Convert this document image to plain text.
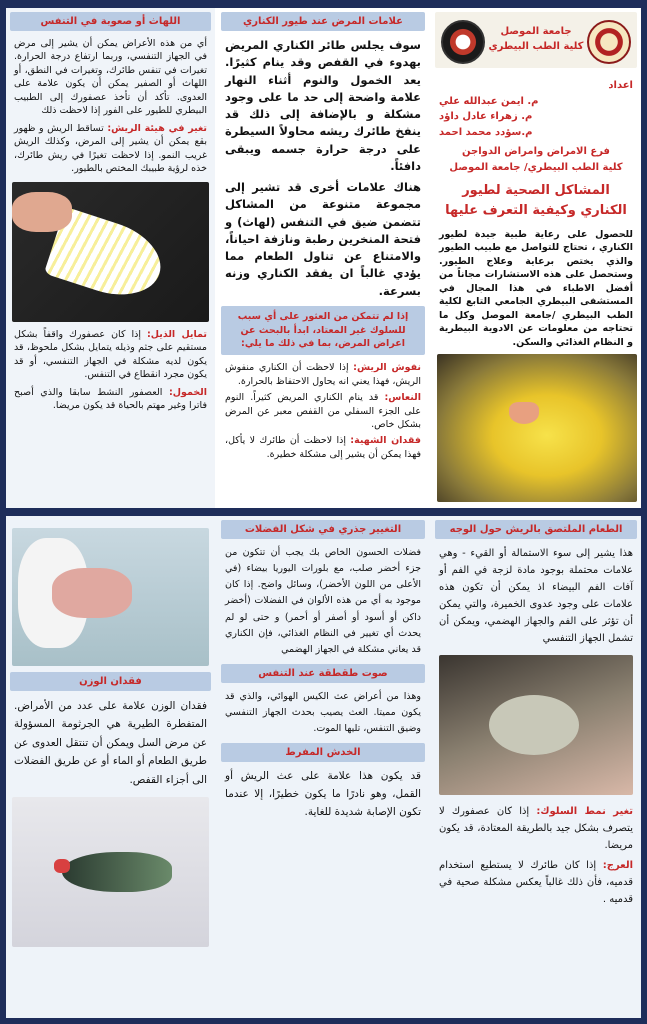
جامعة الموصل
كلية الطب البيطري
اعداد
م. ايمن عبدالله علي
م. زهراء عادل داؤد
م.سؤدد محمد احمد
فرع الامراض وامراض الدواجن
كلية الطب البيطري/ جامعة الموصل
المشاكل الصحية لطيور الكناري وكيفية التعرف عليها
للحصول على رعاية طبية جيدة لطيور الكناري ، تحتاج للتواصل مع طبيب الطيور والذي يختص برعاية وعلاج الطيور. وستحصل على هذه الاستشارات مجاناً من أفضل الاطباء في هذا المجال في المستشفى البيطري الجامعي التابع لكلية الطب البيطري /جامعة الموصل وكل ما تحتاجه من معلومات عن الادوية البيطرية و النظام الغذائي والسكن.
علامات المرض عند طيور الكناري
سوف يجلس طائر الكناري المريض بهدوء في القفص وقد ينام كثيرًا. يعد الخمول والنوم أثناء النهار علامة واضحة إلى حد ما على وجود مشكلة و بالإضافة إلى ذلك قد ينفخ طائرك ريشه محاولاً السيطرة على درجة حرارة جسمه ويبقى دافئاً.
هناك علامات أخرى قد تشير إلى مجموعة متنوعة من المشاكل تتضمن ضيق في التنفس (لهاث) و فتحة المنخرين رطبة ونازفة احياناً، والامتناع عن تناول الطعام مما يؤدي غالباً ان يفقد الكناري وزنه بسرعة.
إذا لم تتمكن من العثور على أي سبب للسلوك غير المعتاد، ابدأ بالبحث عن اعراض المرض، بما في ذلك ما يلي:

نفوش الريش: إذا لاحظت أن الكناري منفوش الريش، فهذا يعني انه يحاول الاحتفاظ بالحرارة.

النعاس: قد ينام الكناري المريض كثيراً. النوم على الجزء السفلي من القفص معبر عن المرض بشكل خاص.

فقدان الشهية: إذا لاحظت أن طائرك لا يأكل، فهذا يمكن أن يشير إلى مشكلة خطيرة.

اللهاث أو صعوبة في التنفس
أي من هذه الأعراض يمكن أن يشير إلى مرض في الجهاز التنفسي، وربما ارتفاع درجة الحرارة. تغيرات في تنفس طائرك، وتغيرات في النطق، أو اللهاث أو الصفير يمكن أن يكون علامة على العدوى. تأكد أن تأخذ عصفورك إلى الطبيب البيطري للطيور على الفور إذا لاحظت ذلك
تغير في هيئة الريش: تساقط الريش و ظهور بقع يمكن أن يشير إلى المرض، وكذلك الريش غريب النمو. إذا لاحظت تغيرًا في ريش طائرك، خذه لرؤية طبيبك المختص بالطيور.
تمايل الذيل: إذا كان عصفورك واقفاً بشكل مستقيم على جثم وذيله يتمايل بشكل ملحوظ، قد يكون لديه مشكلة في الجهاز التنفسي، أو قد يكون مجرد انقطاع في التنفس.
الخمول: العصفور النشط سابقا والذي أصبح فاترا وغير مهتم بالحياة قد يكون مريضا.
الطعام الملتصق بالريش حول الوجه
هذا يشير إلى سوء الاستمالة أو القيء - وهي علامات محتملة بوجود مادة لزجة في الفم أو آفات الفم البيضاء اذ يمكن أن تكون هذه علامات على وجود عدوى الخميرة، والتي يمكن أن تؤثر على الفم والجهاز الهضمي، ويمكن أن تشمل الجهاز التنفسي

تغير نمط السلوك: إذا كان عصفورك لا يتصرف بشكل جيد بالطريقة المعتادة، قد يكون مريضا.

العرج: إذا كان طائرك لا يستطيع استخدام قدميه، فأن ذلك غالباً يعكس مشكلة صحية في قدميه .

التغيير جذري في شكل الفضلات
فضلات الحسون الخاص بك يجب أن تتكون من جزء أخضر صلب، مع بلورات اليوريا بيضاء (في الأعلى من اللون الأخضر)، وسائل واضح. إذا كان موجود به أي من هذه الألوان في الفضلات (أخضر داكن أو أسود أو أصفر أو أحمر) و حتى لو لم يحدث أي تغيير في النظام الغذائي، فإن الكناري قد يعاني مشكلة في الجهاز الهضمي
صوت طقطقة عند التنفس
وهذا من أعراض عث الكيس الهوائي، والذي قد يكون مميتا. العث يصيب بحدث الجهاز التنفسي وضيق التنفس، تليها الموت.
الخدش المفرط
قد يكون هذا علامة على عث الريش أو القمل، وهو نادرًا ما يكون خطيرًا، إلا عندما تكون الإصابة شديدة للغاية.
فقدان الوزن
فقدان الوزن علامة على عدد من الأمراض. المتفطرة الطيرية هي الجرثومة المسؤولة عن مرض السل ويمكن أن تنتقل العدوى عن طريق الطعام أو الماء أو عن طريق الفضلات الى أجزاء القفص.
